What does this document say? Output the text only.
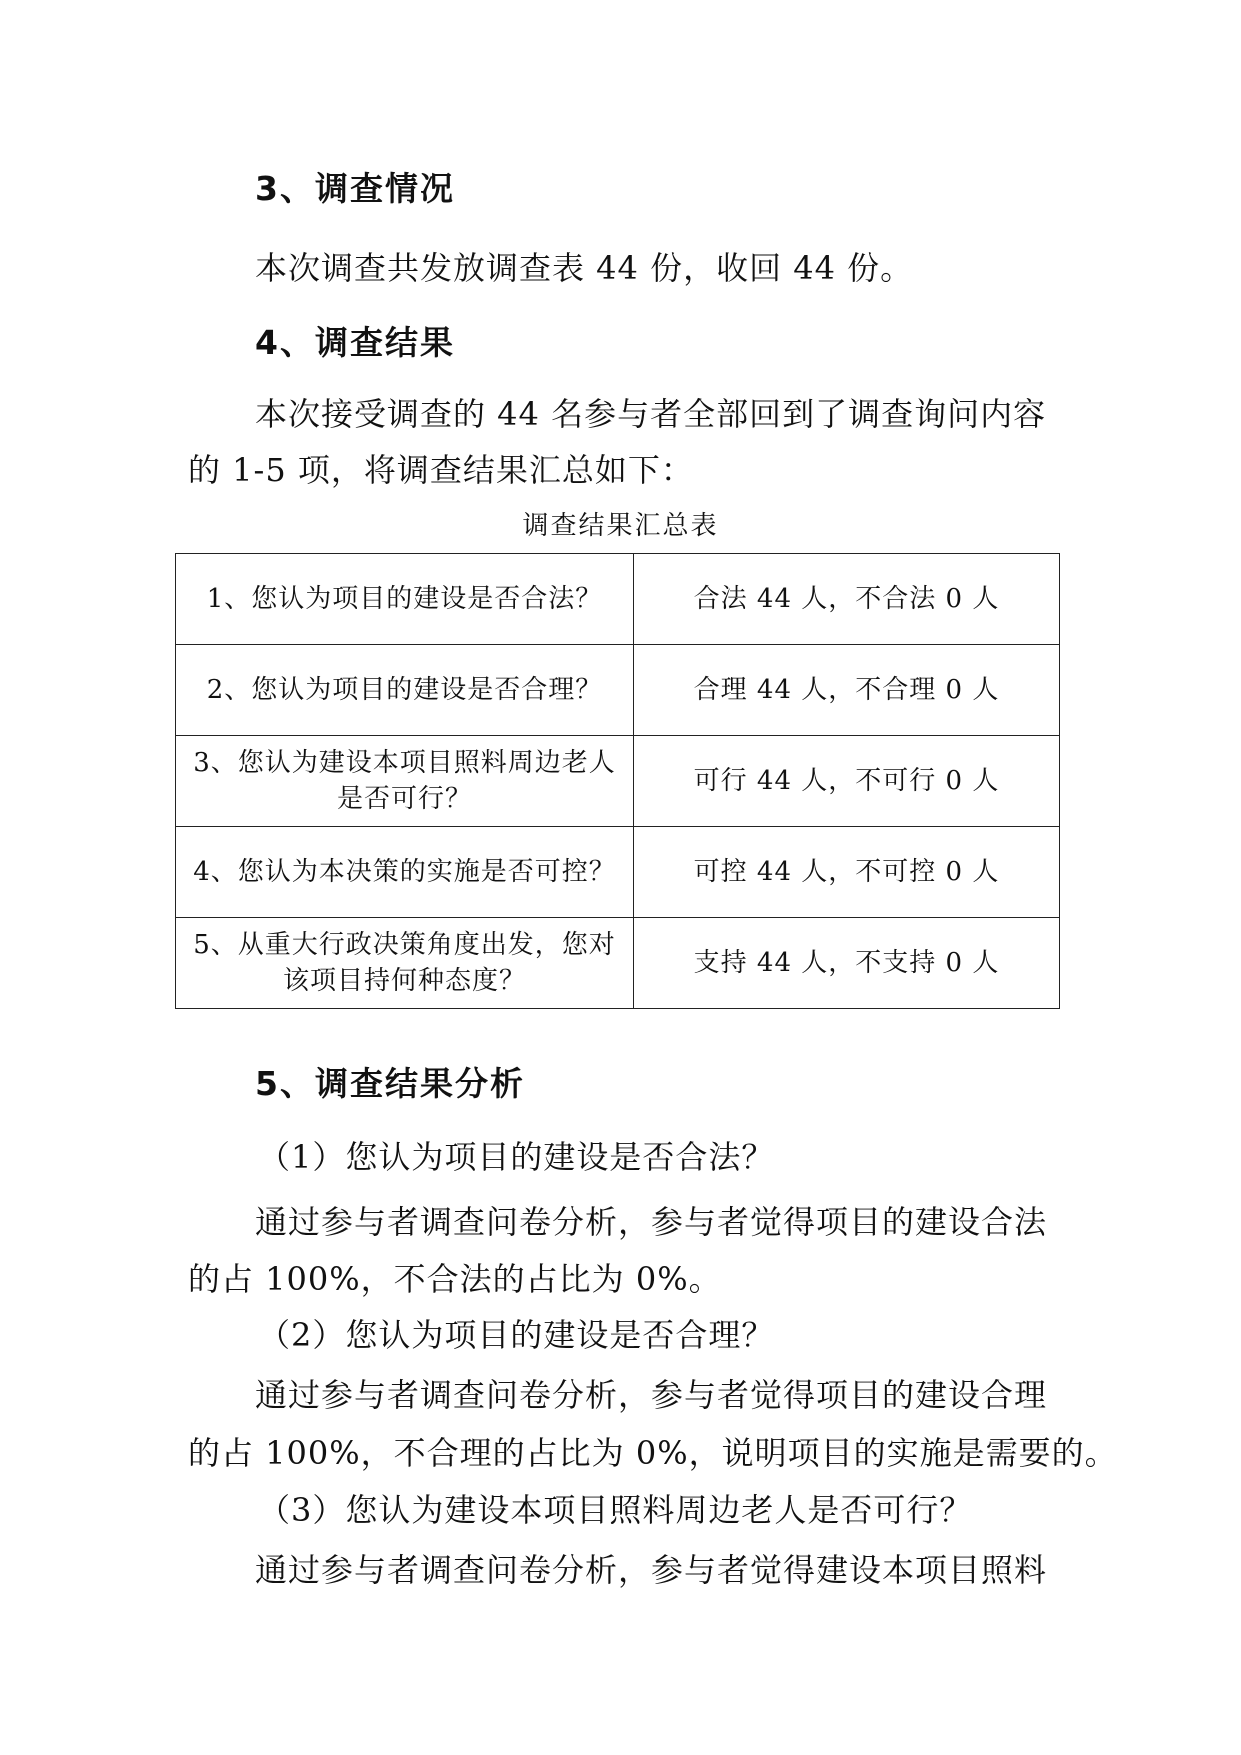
3、调查情况
本次调查共发放调查表 44 份，收回 44 份。
4、调查结果
本次接受调查的 44 名参与者全部回到了调查询问内容
的 1-5 项，将调查结果汇总如下：
调查结果汇总表
1、您认为项目的建设是否合法？	合法 44 人，不合法 0 人
2、您认为项目的建设是否合理？	合理 44 人，不合理 0 人

3、您认为建设本项目照料周边老人
是否可行？	可行 44 人，不可行 0 人
4、您认为本决策的实施是否可控？	可控 44 人，不可控 0 人

5、从重大行政决策角度出发，您对
该项目持何种态度？	支持 44 人，不支持 0 人
5、调查结果分析
（1）您认为项目的建设是否合法？
通过参与者调查问卷分析，参与者觉得项目的建设合法
的占 100%，不合法的占比为 0%。
（2）您认为项目的建设是否合理？
通过参与者调查问卷分析，参与者觉得项目的建设合理
的占 100%，不合理的占比为 0%，说明项目的实施是需要的。
（3）您认为建设本项目照料周边老人是否可行？
通过参与者调查问卷分析，参与者觉得建设本项目照料
